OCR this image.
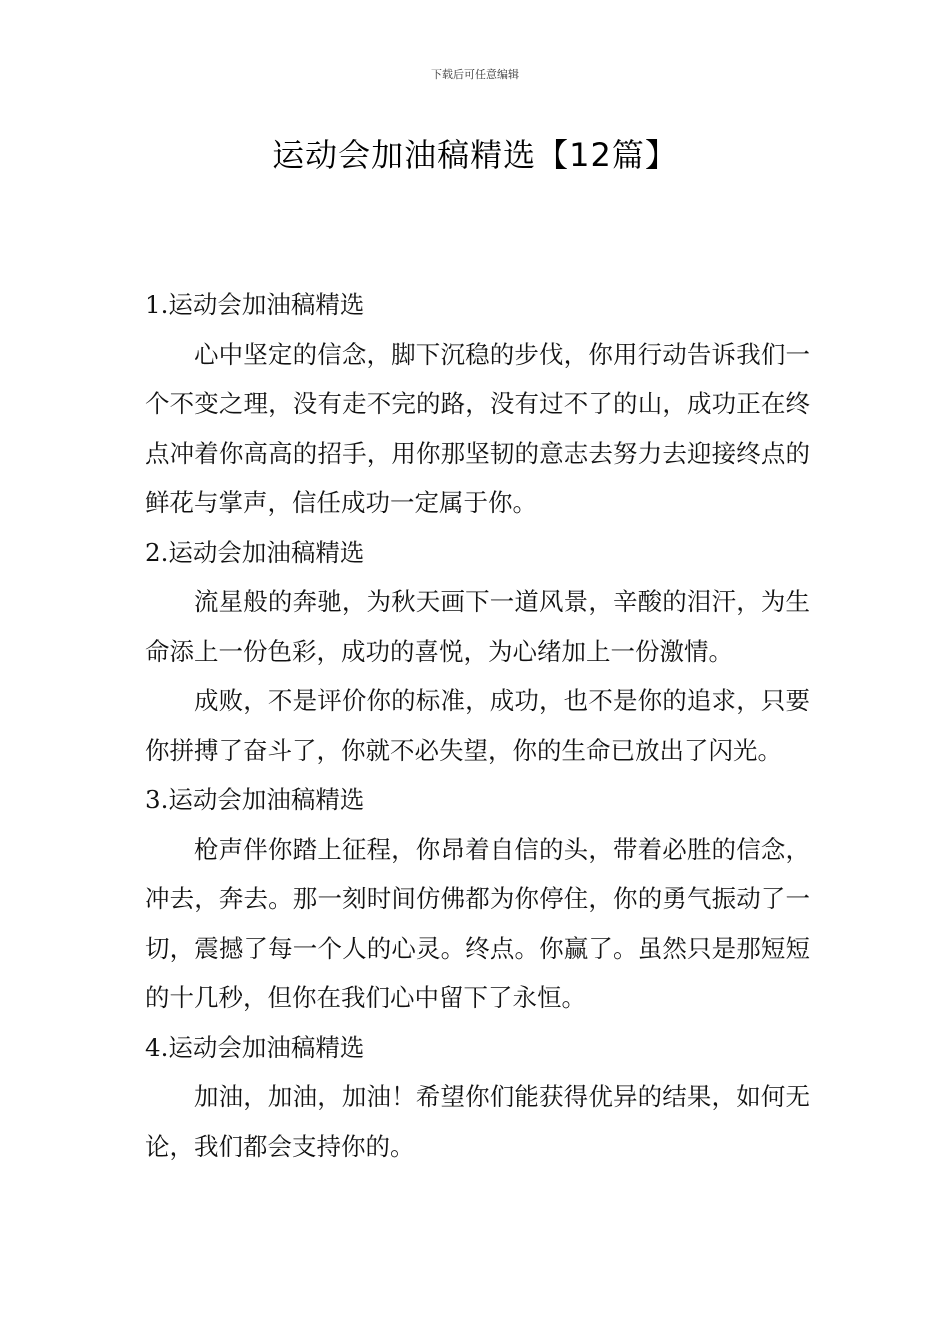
下载后可任意编辑
运动会加油稿精选【12篇】

1.运动会加油稿精选

心中坚定的信念，脚下沉稳的步伐，你用行动告诉我们一个不变之理，没有走不完的路，没有过不了的山，成功正在终点冲着你高高的招手，用你那坚韧的意志去努力去迎接终点的鲜花与掌声，信任成功一定属于你。

2.运动会加油稿精选

流星般的奔驰，为秋天画下一道风景，辛酸的泪汗，为生命添上一份色彩，成功的喜悦，为心绪加上一份激情。

成败，不是评价你的标准，成功，也不是你的追求，只要你拼搏了奋斗了，你就不必失望，你的生命已放出了闪光。

3.运动会加油稿精选

枪声伴你踏上征程，你昂着自信的头，带着必胜的信念，冲去，奔去。那一刻时间仿佛都为你停住，你的勇气振动了一切，震撼了每一个人的心灵。终点。你赢了。虽然只是那短短的十几秒，但你在我们心中留下了永恒。

4.运动会加油稿精选

加油，加油，加油！希望你们能获得优异的结果，如何无论，我们都会支持你的。
